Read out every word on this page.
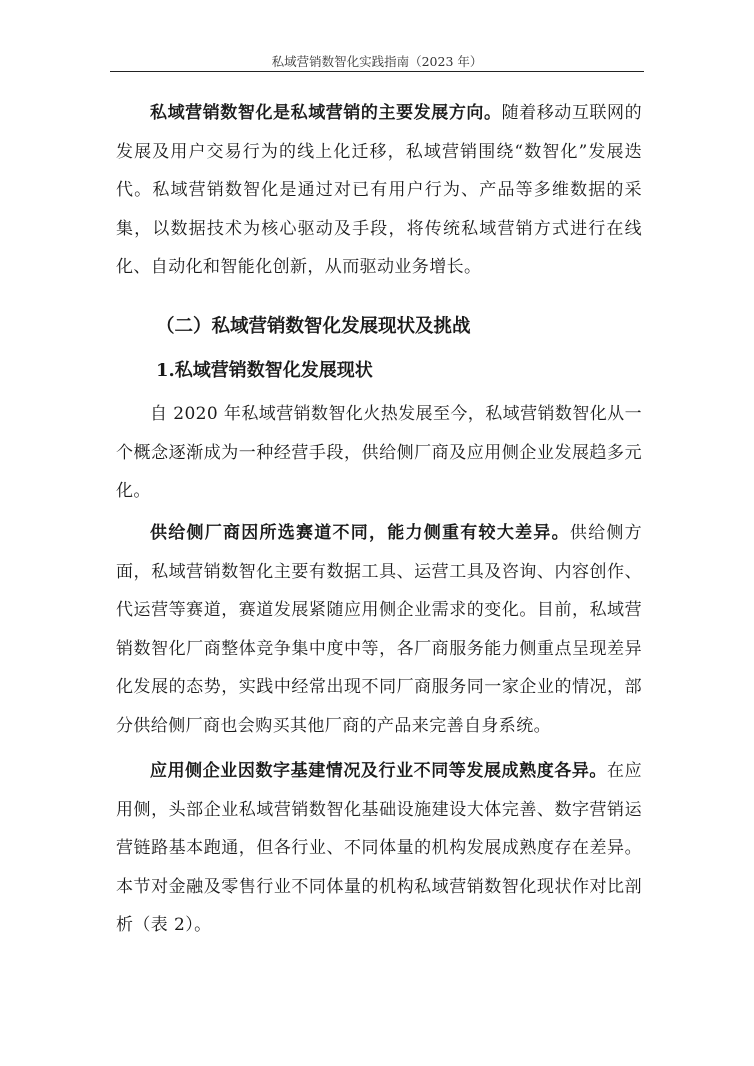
私域营销数智化实践指南（2023 年）

私域营销数智化是私域营销的主要发展方向。随着移动互联网的发展及用户交易行为的线上化迁移，私域营销围绕“数智化”发展迭代。私域营销数智化是通过对已有用户行为、产品等多维数据的采集，以数据技术为核心驱动及手段，将传统私域营销方式进行在线化、自动化和智能化创新，从而驱动业务增长。

（二）私域营销数智化发展现状及挑战
1.私域营销数智化发展现状

自 2020 年私域营销数智化火热发展至今，私域营销数智化从一个概念逐渐成为一种经营手段，供给侧厂商及应用侧企业发展趋多元化。

供给侧厂商因所选赛道不同，能力侧重有较大差异。供给侧方面，私域营销数智化主要有数据工具、运营工具及咨询、内容创作、代运营等赛道，赛道发展紧随应用侧企业需求的变化。目前，私域营销数智化厂商整体竞争集中度中等，各厂商服务能力侧重点呈现差异化发展的态势，实践中经常出现不同厂商服务同一家企业的情况，部分供给侧厂商也会购买其他厂商的产品来完善自身系统。

应用侧企业因数字基建情况及行业不同等发展成熟度各异。在应用侧，头部企业私域营销数智化基础设施建设大体完善、数字营销运营链路基本跑通，但各行业、不同体量的机构发展成熟度存在差异。本节对金融及零售行业不同体量的机构私域营销数智化现状作对比剖析（表 2）。
